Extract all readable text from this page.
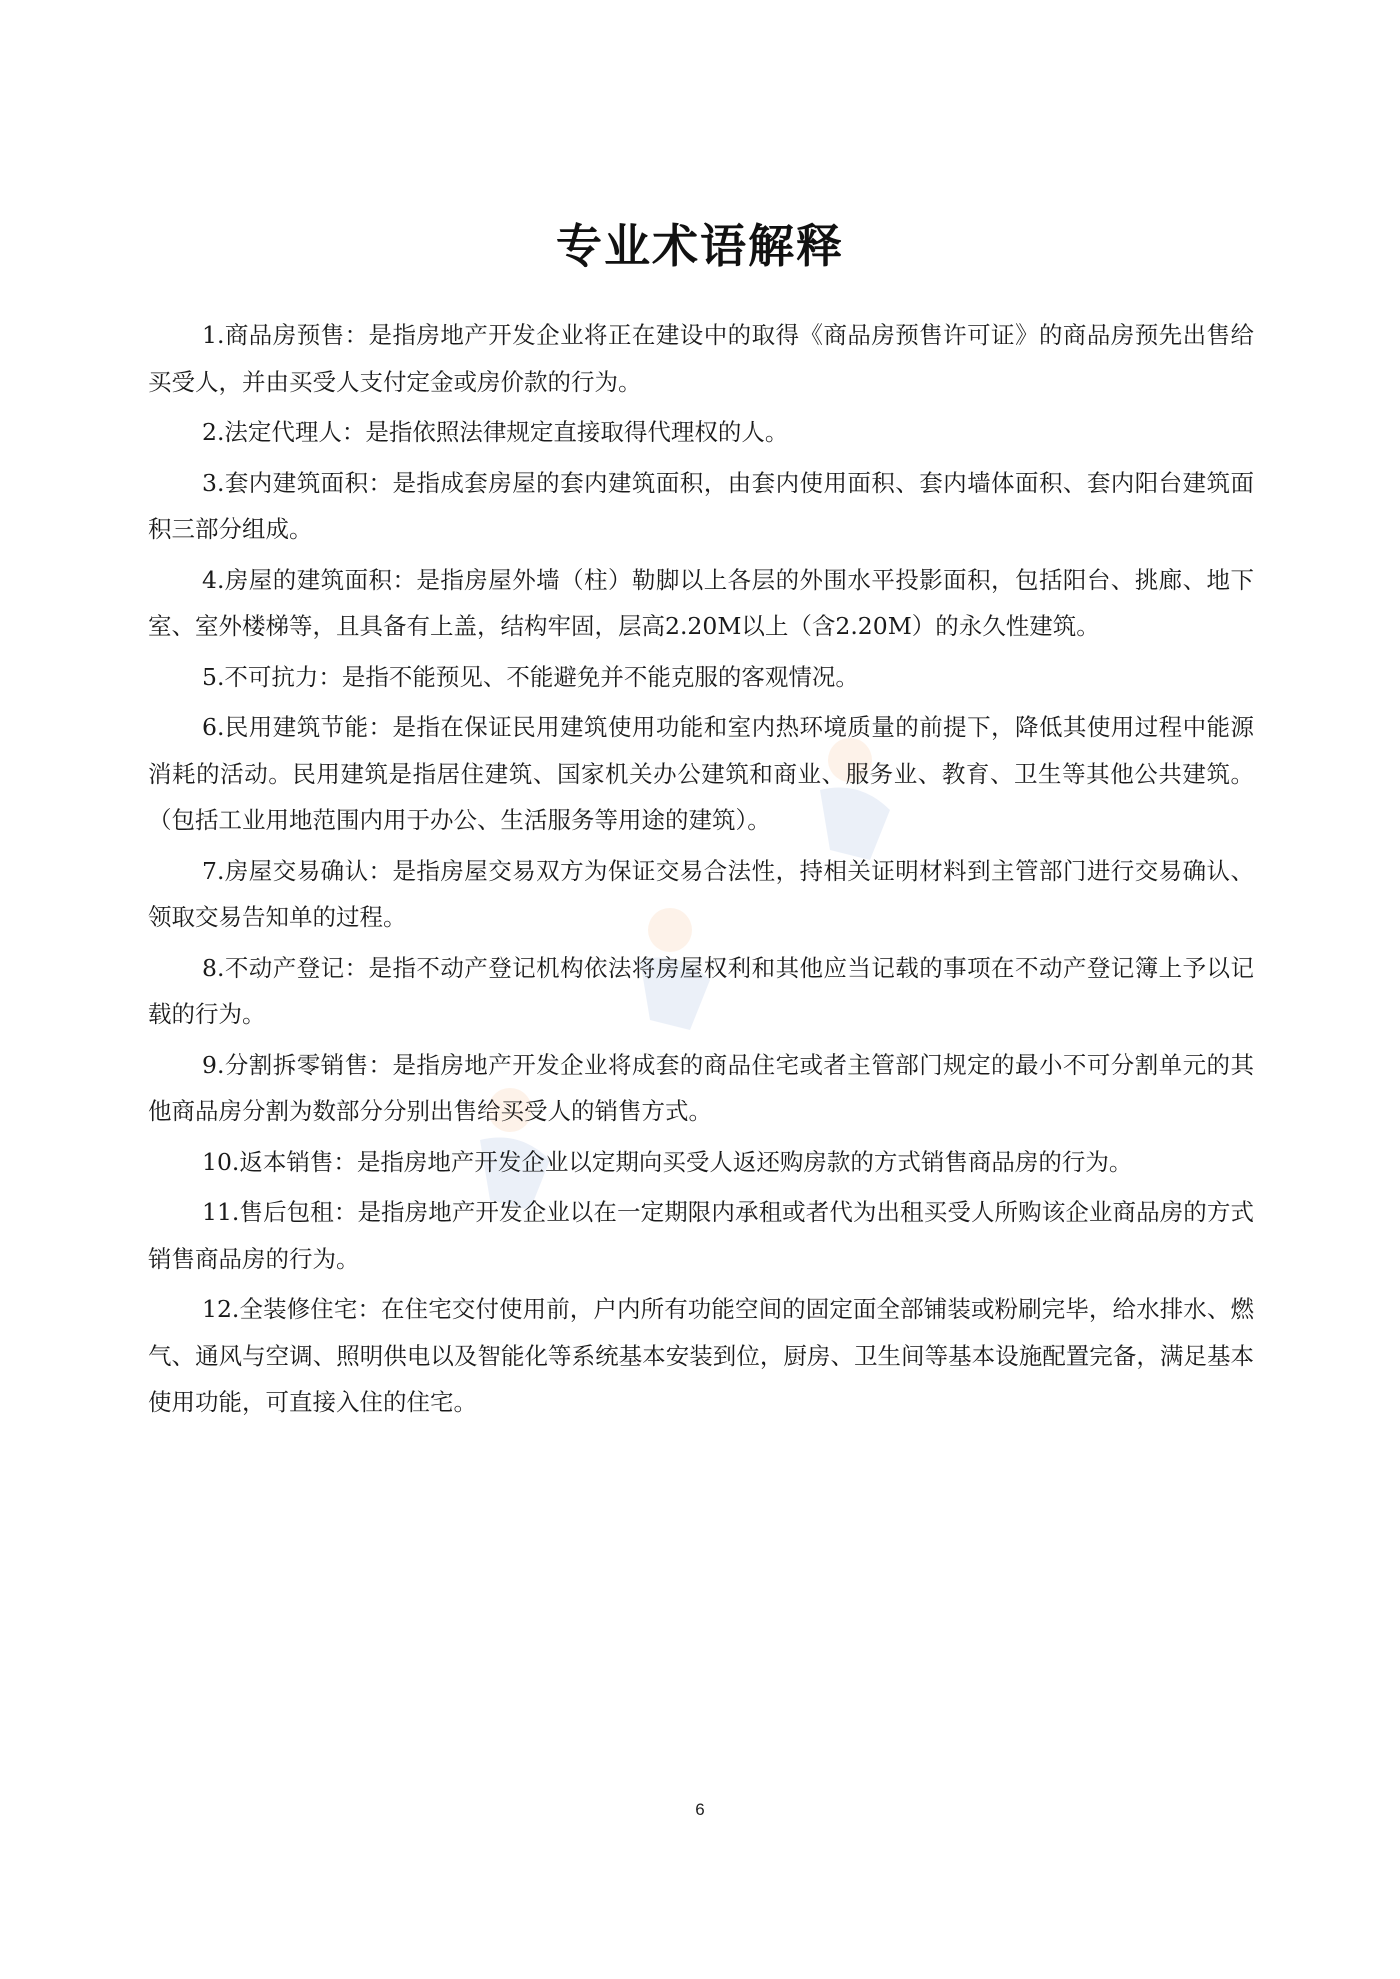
专业术语解释

1.商品房预售：是指房地产开发企业将正在建设中的取得《商品房预售许可证》的商品房预先出售给买受人，并由买受人支付定金或房价款的行为。

2.法定代理人：是指依照法律规定直接取得代理权的人。

3.套内建筑面积：是指成套房屋的套内建筑面积，由套内使用面积、套内墙体面积、套内阳台建筑面积三部分组成。

4.房屋的建筑面积：是指房屋外墙（柱）勒脚以上各层的外围水平投影面积，包括阳台、挑廊、地下室、室外楼梯等，且具备有上盖，结构牢固，层高2.20M以上（含2.20M）的永久性建筑。

5.不可抗力：是指不能预见、不能避免并不能克服的客观情况。

6.民用建筑节能：是指在保证民用建筑使用功能和室内热环境质量的前提下，降低其使用过程中能源消耗的活动。民用建筑是指居住建筑、国家机关办公建筑和商业、服务业、教育、卫生等其他公共建筑。（包括工业用地范围内用于办公、生活服务等用途的建筑）。

7.房屋交易确认：是指房屋交易双方为保证交易合法性，持相关证明材料到主管部门进行交易确认、领取交易告知单的过程。

8.不动产登记：是指不动产登记机构依法将房屋权利和其他应当记载的事项在不动产登记簿上予以记载的行为。

9.分割拆零销售：是指房地产开发企业将成套的商品住宅或者主管部门规定的最小不可分割单元的其他商品房分割为数部分分别出售给买受人的销售方式。

10.返本销售：是指房地产开发企业以定期向买受人返还购房款的方式销售商品房的行为。

11.售后包租：是指房地产开发企业以在一定期限内承租或者代为出租买受人所购该企业商品房的方式销售商品房的行为。

12.全装修住宅：在住宅交付使用前，户内所有功能空间的固定面全部铺装或粉刷完毕，给水排水、燃气、通风与空调、照明供电以及智能化等系统基本安装到位，厨房、卫生间等基本设施配置完备，满足基本使用功能，可直接入住的住宅。

6
